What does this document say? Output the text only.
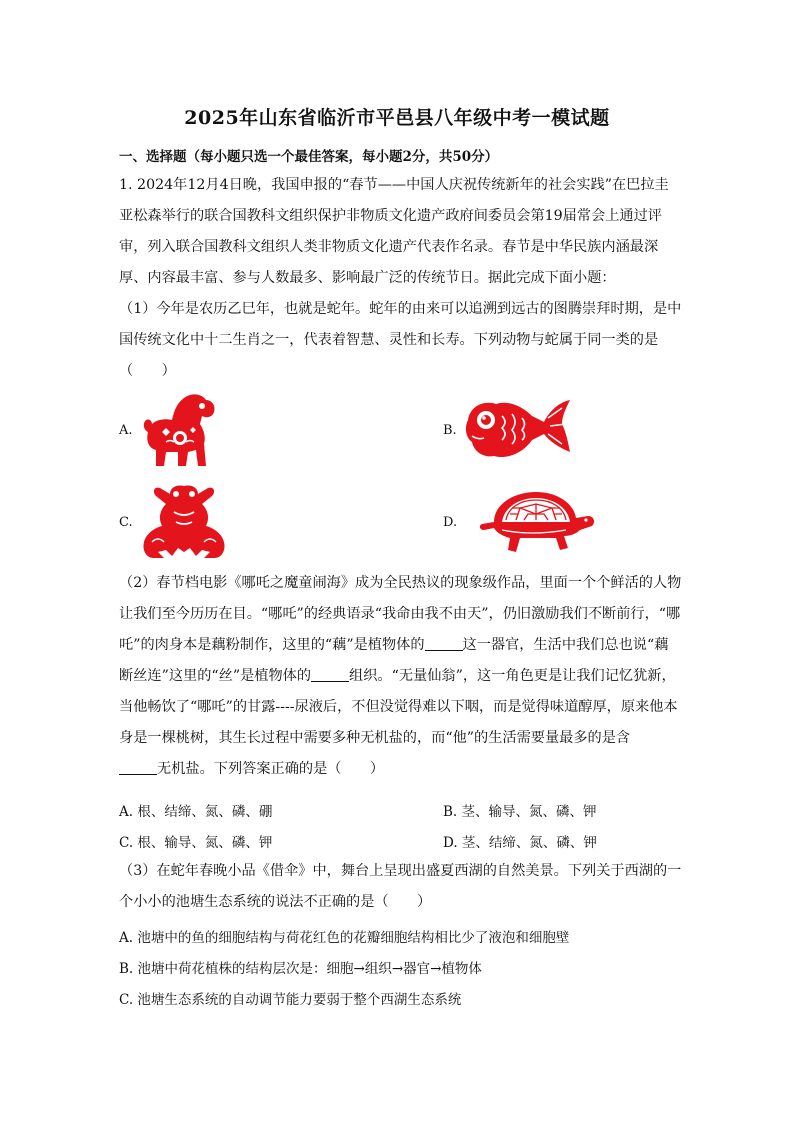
2025年山东省临沂市平邑县八年级中考一模试题
一、选择题（每小题只选一个最佳答案，每小题2分，共50分）
1. 2024年12月4日晚，我国申报的“春节——中国人庆祝传统新年的社会实践”在巴拉圭
亚松森举行的联合国教科文组织保护非物质文化遗产政府间委员会第19届常会上通过评
审，列入联合国教科文组织人类非物质文化遗产代表作名录。春节是中华民族内涵最深
厚、内容最丰富、参与人数最多、影响最广泛的传统节日。据此完成下面小题：
（1）今年是农历乙巳年，也就是蛇年。蛇年的由来可以追溯到远古的图腾崇拜时期，是中
国传统文化中十二生肖之一，代表着智慧、灵性和长寿。下列动物与蛇属于同一类的是
（　　）
A.	B.
C.	D.
（2）春节档电影《哪吒之魔童闹海》成为全民热议的现象级作品，里面一个个鲜活的人物
让我们至今历历在目。“哪吒”的经典语录“我命由我不由天”，仍旧激励我们不断前行，“哪
吒”的肉身本是藕粉制作，这里的“藕”是植物体的	这一器官，生活中我们总也说“藕
断丝连”这里的“丝”是植物体的	组织。“无量仙翁”，这一角色更是让我们记忆犹新，
当他畅饮了“哪吒”的甘露----尿液后，不但没觉得难以下咽，而是觉得味道醇厚，原来他本
身是一棵桃树，其生长过程中需要多种无机盐的，而“他”的生活需要量最多的是含
无机盐。下列答案正确的是（　　）
A. 根、结缔、氮、磷、硼	B. 茎、输导、氮、磷、钾
C. 根、输导、氮、磷、钾	D. 茎、结缔、氮、磷、钾
（3）在蛇年春晚小品《借伞》中，舞台上呈现出盛夏西湖的自然美景。下列关于西湖的一
个小小的池塘生态系统的说法不正确的是（　　）
A. 池塘中的鱼的细胞结构与荷花红色的花瓣细胞结构相比少了液泡和细胞壁
B. 池塘中荷花植株的结构层次是：细胞→组织→器官→植物体
C. 池塘生态系统的自动调节能力要弱于整个西湖生态系统
